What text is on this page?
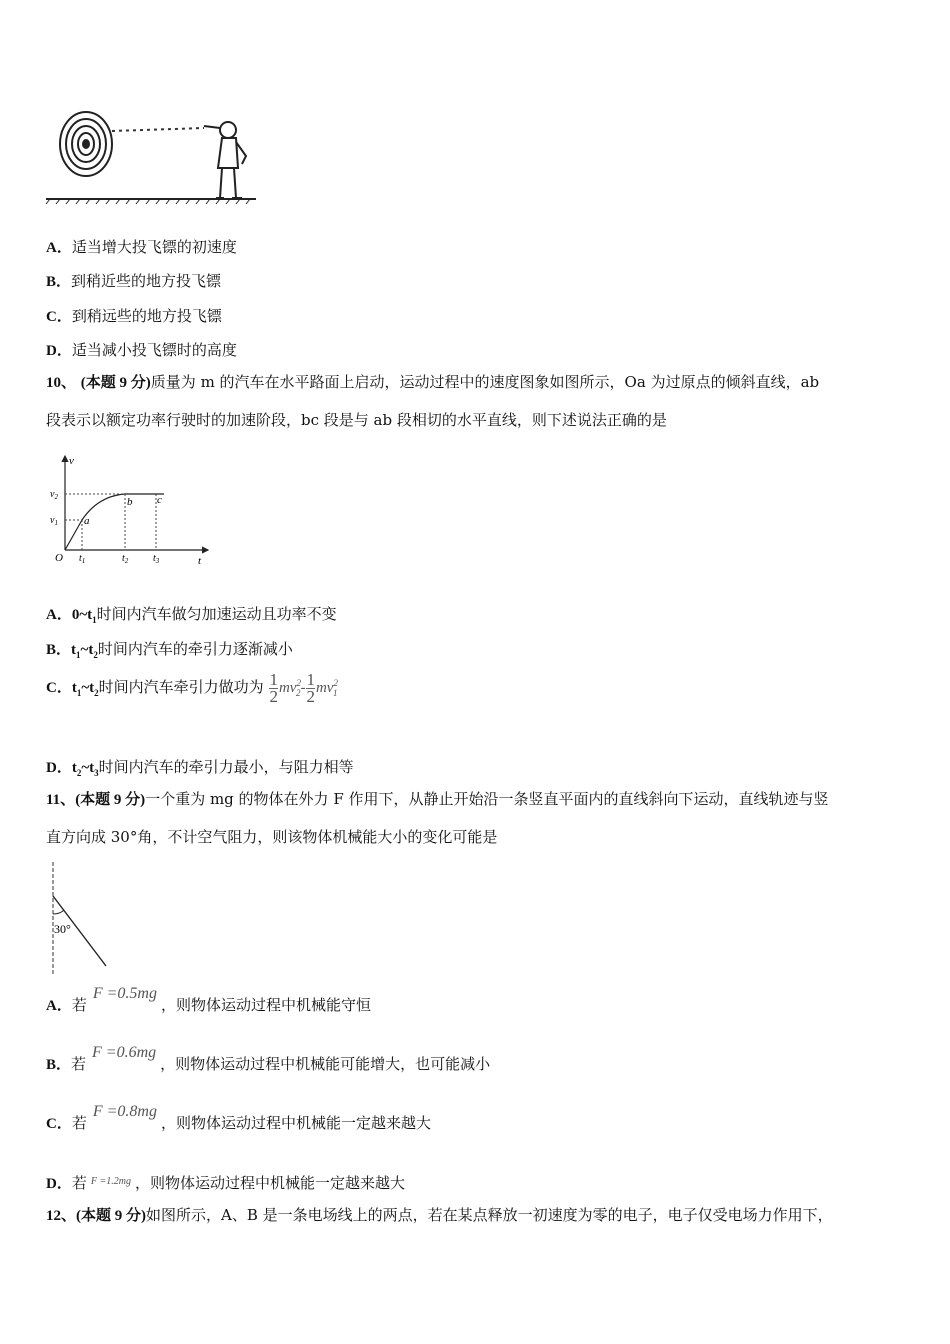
A．适当增大投飞镖的初速度
B．到稍近些的地方投飞镖
C．到稍远些的地方投飞镖
D．适当减小投飞镖时的高度
10、 (本题 9 分)质量为 m 的汽车在水平路面上启动，运动过程中的速度图象如图所示，Oa 为过原点的倾斜直线，ab
段表示以额定功率行驶时的加速阶段，bc 段是与 ab 段相切的水平直线，则下述说法正确的是
v
t
O
$v_2$
$v_1$
$t_1$	$t_2$ $t_3$
a
b c
A．$0\sim t_1$时间内汽车做匀加速运动且功率不变
B．$t_1\sim t_2$时间内汽车的牵引力逐渐减小
C．$t_1\sim t_2$时间内汽车牵引力做功为 $\frac{1}{2} mv^2_2- \frac{1}{2} mv^2_1$
D．$t_2\sim t_3$时间内汽车的牵引力最小，与阻力相等
11、(本题 9 分)一个重为 mg 的物体在外力 F 作用下，从静止开始沿一条竖直平面内的直线斜向下运动，直线轨迹与竖
直方向成 30°角，不计空气阻力，则该物体机械能大小的变化可能是
30°
A．若F =0.5mg，则物体运动过程中机械能守恒
B．若F =0.6mg，则物体运动过程中机械能可能增大，也可能减小
C．若F =0.8mg，则物体运动过程中机械能一定越来越大
D．若 $^{F =1.2mg}$ ，则物体运动过程中机械能一定越来越大
12、(本题 9 分)如图所示，A、B 是一条电场线上的两点，若在某点释放一初速度为零的电子，电子仅受电场力作用下，
